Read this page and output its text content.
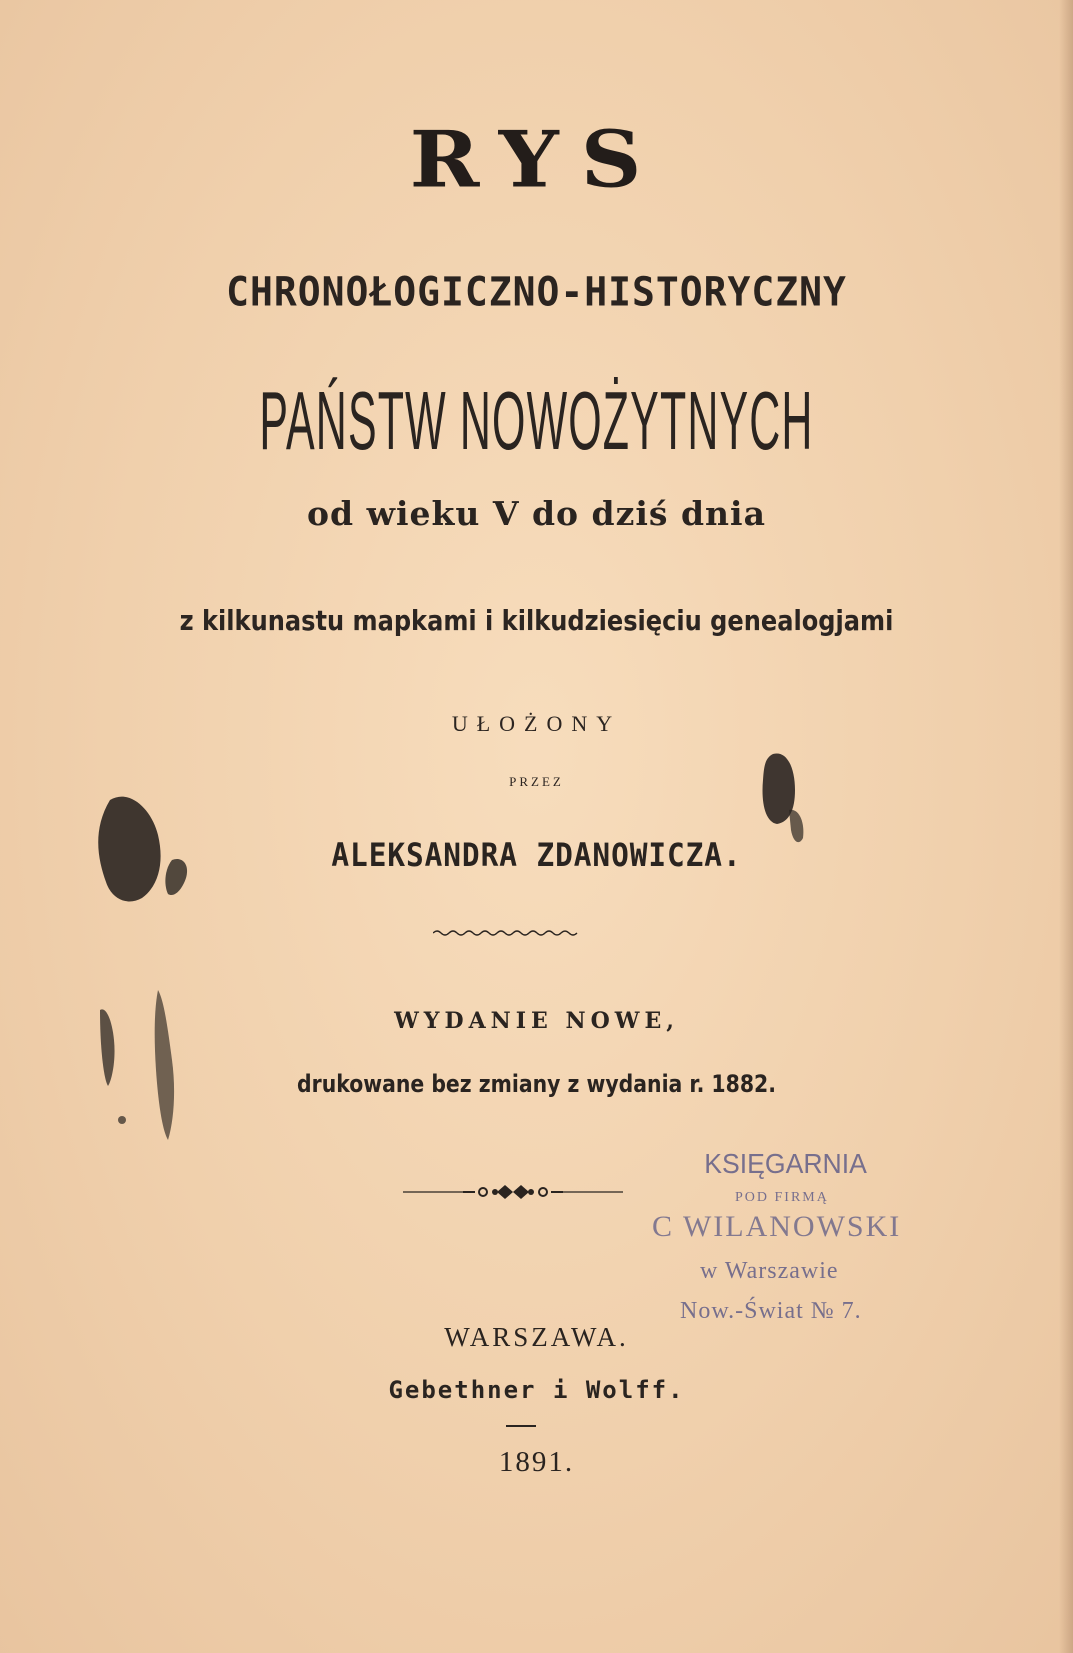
RYS
CHRONOŁOGICZNO-HISTORYCZNY
PAŃSTW NOWOŻYTNYCH
od wieku V do dziś dnia
z kilkunastu mapkami i kilkudziesięciu genealogjami
UŁOŻONY
PRZEZ
ALEKSANDRA ZDANOWICZA.
WYDANIE NOWE,
drukowane bez zmiany z wydania r. 1882.
WARSZAWA.
Gebethner i Wolff.
1891.
KSIĘGARNIA
POD FIRMĄ
C WILANOWSKI
w Warszawie
Now.-Świat № 7.
